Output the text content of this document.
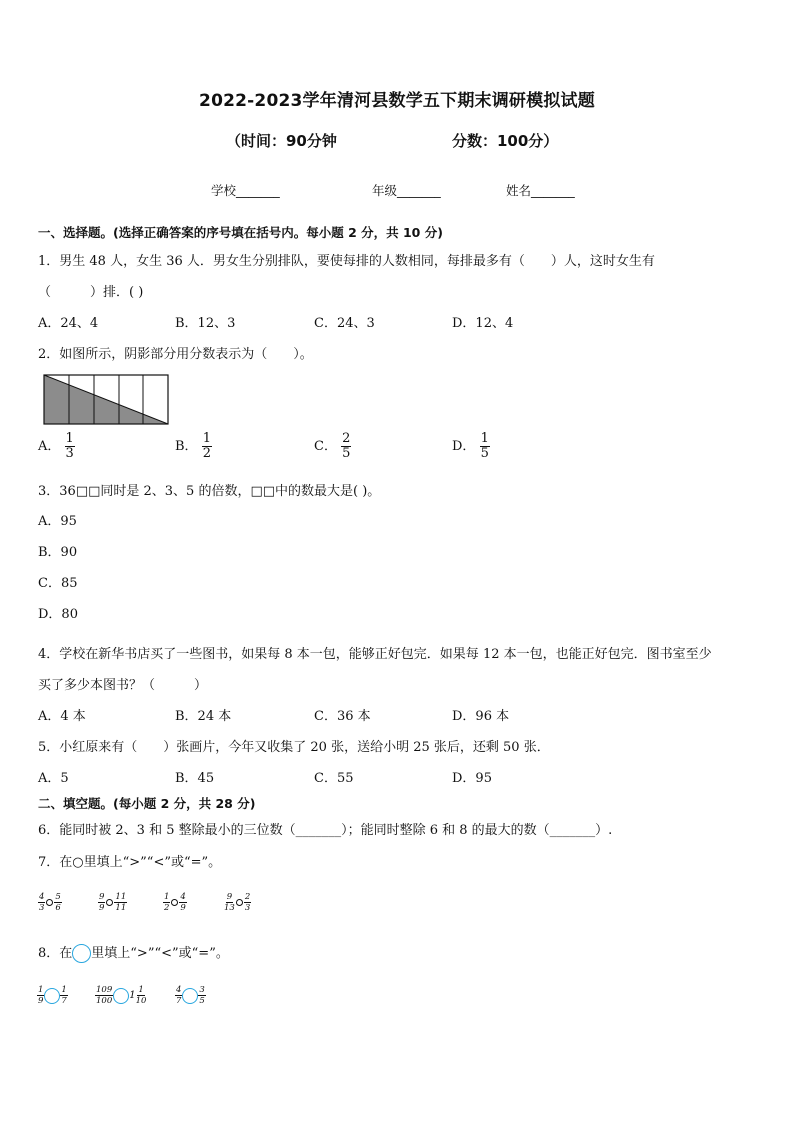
2022-2023学年清河县数学五下期末调研模拟试题
（时间：90分钟	分数：100分）
学校_______	年级_______	姓名_______
一、选择题。(选择正确答案的序号填在括号内。每小题 2 分，共 10 分)
1．男生 48 人，女生 36 人．男女生分别排队，要使每排的人数相同，每排最多有（　　）人，这时女生有
（　　　）排．( )
A．24、4	B．12、3	C．24、3	D．12、4
2．如图所示，阴影部分用分数表示为（　　）。
A． $\frac{1}{3}$	B． $\frac{1}{2}$	C． $\frac{2}{5}$	D． $\frac{1}{5}$
3．36□□同时是 2、3、5 的倍数，□□中的数最大是( )。
A．95
B．90
C．85
D．80
4．学校在新华书店买了一些图书，如果每 8 本一包，能够正好包完．如果每 12 本一包，也能正好包完．图书室至少
买了多少本图书？（　　　）
A．4 本	B．24 本	C．36 本	D．96 本
5．小红原来有（　　）张画片，今年又收集了 20 张，送给小明 25 张后，还剩 50 张．
A．5	B．45	C．55	D．95
二、填空题。(每小题 2 分，共 28 分)
6．能同时被 2、3 和 5 整除最小的三位数（_______）；能同时整除 6 和 8 的最大的数（_______）.
7．在○里填上“>”“<”或“=”。
$\frac{4}{3} \frac{5}{6}$	$\frac{9}{9} \frac{11}{11}$	$\frac{1}{2} \frac{4}{9}$	$\frac{9}{13} \frac{2}{3}$
8．在 里填上“>”“<”或“=”。
$\frac{1}{9} \frac{1}{7}$	$\frac{109}{100} 1 \frac{1}{10}$	$\frac{4}{7} \frac{3}{5}$
